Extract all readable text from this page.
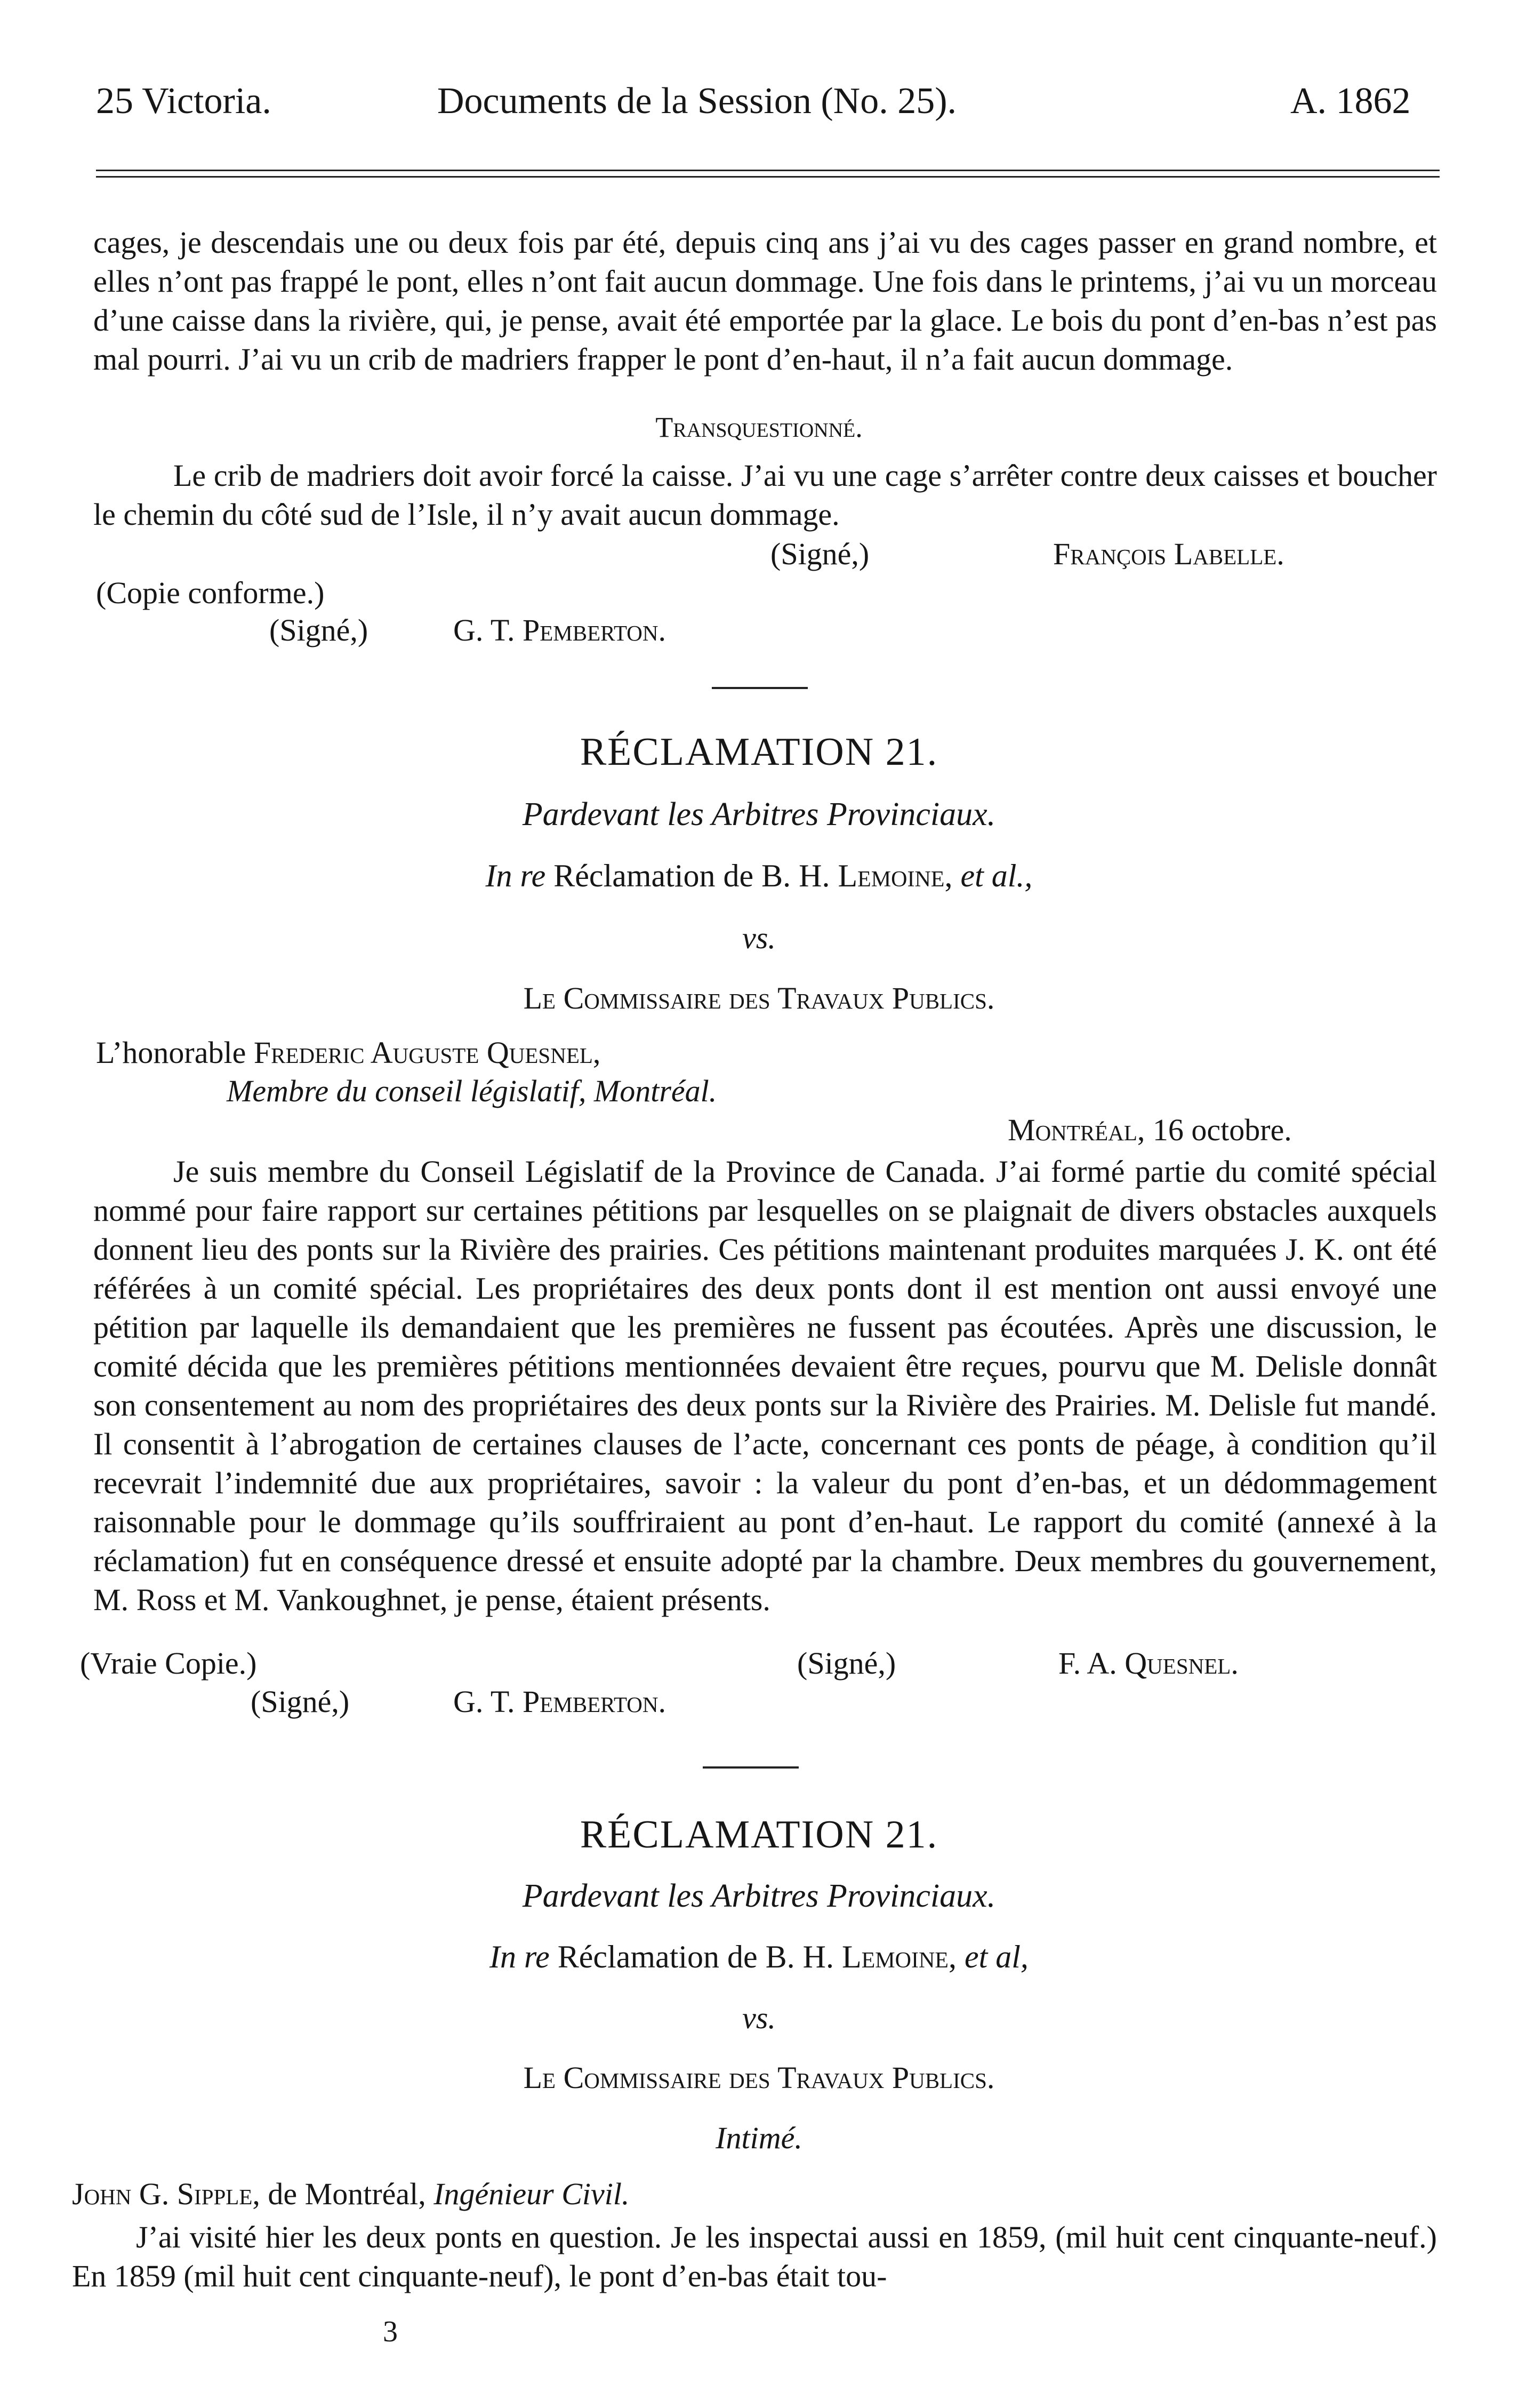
25 Victoria.	Documents de la Session (No. 25).	A. 1862

cages, je descendais une ou deux fois par été, depuis cinq ans j’ai vu des cages passer en grand nombre, et elles n’ont pas frappé le pont, elles n’ont fait aucun dommage. Une fois dans le printems, j’ai vu un morceau d’une caisse dans la rivière, qui, je pense, avait été emportée par la glace. Le bois du pont d’en-bas n’est pas mal pourri. J’ai vu un crib de madriers frapper le pont d’en-haut, il n’a fait aucun dommage.

Transquestionné.

Le crib de madriers doit avoir forcé la caisse. J’ai vu une cage s’arrêter contre deux caisses et boucher le chemin du côté sud de l’Isle, il n’y avait aucun dommage.

(Signé,)	François Labelle.
(Copie conforme.)
(Signé,)	G. T. Pemberton.
RÉCLAMATION 21.
Pardevant les Arbitres Provinciaux.
In re Réclamation de B. H. Lemoine, et al.,
vs.
Le Commissaire des Travaux Publics.
L’honorable Frederic Auguste Quesnel,
Membre du conseil législatif, Montréal.
Montréal, 16 octobre.

Je suis membre du Conseil Législatif de la Province de Canada. J’ai formé partie du comité spécial nommé pour faire rapport sur certaines pétitions par lesquelles on se plaignait de divers obstacles auxquels donnent lieu des ponts sur la Rivière des prairies. Ces pétitions maintenant produites marquées J. K. ont été référées à un comité spécial. Les propriétaires des deux ponts dont il est mention ont aussi envoyé une pétition par laquelle ils demandaient que les premières ne fussent pas écoutées. Après une discussion, le comité décida que les premières pétitions mentionnées devaient être reçues, pourvu que M. Delisle donnât son consentement au nom des propriétaires des deux ponts sur la Rivière des Prairies. M. Delisle fut mandé. Il consentit à l’abrogation de certaines clauses de l’acte, concernant ces ponts de péage, à condition qu’il recevrait l’indemnité due aux propriétaires, savoir : la valeur du pont d’en-bas, et un dédommagement raisonnable pour le dommage qu’ils souffriraient au pont d’en-haut. Le rapport du comité (annexé à la réclamation) fut en conséquence dressé et ensuite adopté par la chambre. Deux membres du gouvernement, M. Ross et M. Vankoughnet, je pense, étaient présents.

(Vraie Copie.)	(Signé,)	F. A. Quesnel.
(Signé,)	G. T. Pemberton.
RÉCLAMATION 21.
Pardevant les Arbitres Provinciaux.
In re Réclamation de B. H. Lemoine, et al,
vs.
Le Commissaire des Travaux Publics.
Intimé.
John G. Sipple, de Montréal, Ingénieur Civil.

J’ai visité hier les deux ponts en question. Je les inspectai aussi en 1859, (mil huit cent cinquante-neuf.) En 1859 (mil huit cent cinquante-neuf), le pont d’en-bas était tou-

3
